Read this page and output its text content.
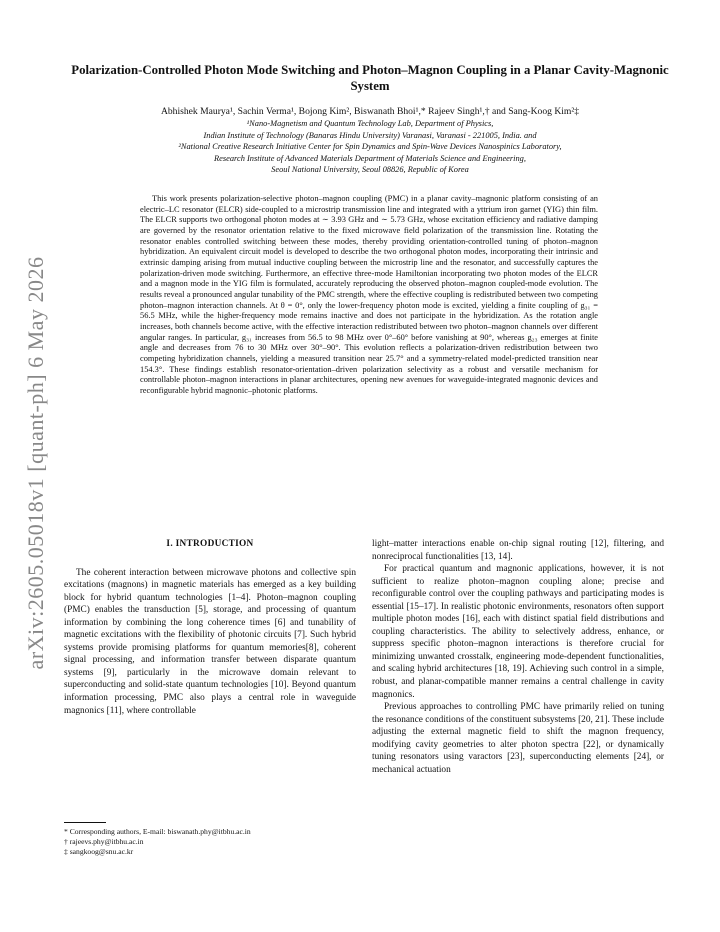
arXiv:2605.05018v1 [quant-ph] 6 May 2026
Polarization-Controlled Photon Mode Switching and Photon–Magnon Coupling in a Planar Cavity-Magnonic System
Abhishek Maurya¹, Sachin Verma¹, Bojong Kim², Biswanath Bhoi¹,* Rajeev Singh¹,† and Sang-Koog Kim²‡
¹Nano-Magnetism and Quantum Technology Lab, Department of Physics,
Indian Institute of Technology (Banaras Hindu University) Varanasi, Varanasi - 221005, India. and
²National Creative Research Initiative Center for Spin Dynamics and Spin-Wave Devices Nanospinics Laboratory,
Research Institute of Advanced Materials Department of Materials Science and Engineering,
Seoul National University, Seoul 08826, Republic of Korea

This work presents polarization-selective photon–magnon coupling (PMC) in a planar cavity–magnonic platform consisting of an electric–LC resonator (ELCR) side-coupled to a microstrip transmission line and integrated with a yttrium iron garnet (YIG) thin film. The ELCR supports two orthogonal photon modes at ∼ 3.93 GHz and ∼ 5.73 GHz, whose excitation efficiency and radiative damping are governed by the resonator orientation relative to the fixed microwave field polarization of the transmission line. Rotating the resonator enables controlled switching between these modes, thereby providing orientation-controlled tuning of photon–magnon hybridization. An equivalent circuit model is developed to describe the two orthogonal photon modes, incorporating their intrinsic and extrinsic damping arising from mutual inductive coupling between the microstrip line and the resonator, and successfully captures the polarization-driven mode switching. Furthermore, an effective three-mode Hamiltonian incorporating two photon modes of the ELCR and a magnon mode in the YIG film is formulated, accurately reproducing the observed photon–magnon coupled-mode evolution. The results reveal a pronounced angular tunability of the PMC strength, where the effective coupling is redistributed between two competing photon–magnon interaction channels. At θ = 0°, only the lower-frequency photon mode is excited, yielding a finite coupling of g₃₁ = 56.5 MHz, while the higher-frequency mode remains inactive and does not participate in the hybridization. As the rotation angle increases, both channels become active, with the effective interaction redistributed between two photon–magnon channels over different angular ranges. In particular, g₃₁ increases from 56.5 to 98 MHz over 0°–60° before vanishing at 90°, whereas g₂₃ emerges at finite angle and decreases from 76 to 30 MHz over 30°–90°. This evolution reflects a polarization-driven redistribution between two competing hybridization channels, yielding a measured transition near 25.7° and a symmetry-related model-predicted transition near 154.3°. These findings establish resonator-orientation–driven polarization selectivity as a robust and versatile mechanism for controllable photon–magnon interactions in planar architectures, opening new avenues for waveguide-integrated magnonic devices and reconfigurable hybrid magnonic–photonic platforms.

I. INTRODUCTION

The coherent interaction between microwave photons and collective spin excitations (magnons) in magnetic materials has emerged as a key building block for hybrid quantum technologies [1–4]. Photon–magnon coupling (PMC) enables the transduction [5], storage, and processing of quantum information by combining the long coherence times [6] and tunability of magnetic excitations with the flexibility of photonic circuits [7]. Such hybrid systems provide promising platforms for quantum memories[8], coherent signal processing, and information transfer between disparate quantum systems [9], particularly in the microwave domain relevant to superconducting and solid-state quantum technologies [10]. Beyond quantum information processing, PMC also plays a central role in waveguide magnonics [11], where controllable

light–matter interactions enable on-chip signal routing [12], filtering, and nonreciprocal functionalities [13, 14].

For practical quantum and magnonic applications, however, it is not sufficient to realize photon–magnon coupling alone; precise and reconfigurable control over the coupling pathways and participating modes is essential [15–17]. In realistic photonic environments, resonators often support multiple photon modes [16], each with distinct spatial field distributions and coupling characteristics. The ability to selectively address, enhance, or suppress specific photon–magnon interactions is therefore crucial for minimizing unwanted crosstalk, engineering mode-dependent functionalities, and scaling hybrid architectures [18, 19]. Achieving such control in a simple, robust, and planar-compatible manner remains a central challenge in cavity magnonics.

Previous approaches to controlling PMC have primarily relied on tuning the resonance conditions of the constituent subsystems [20, 21]. These include adjusting the external magnetic field to shift the magnon frequency, modifying cavity geometries to alter photon spectra [22], or dynamically tuning resonators using varactors [23], superconducting elements [24], or mechanical actuation

* Corresponding authors, E-mail: biswanath.phy@itbhu.ac.in
† rajeevs.phy@itbhu.ac.in
‡ sangkoog@snu.ac.kr
